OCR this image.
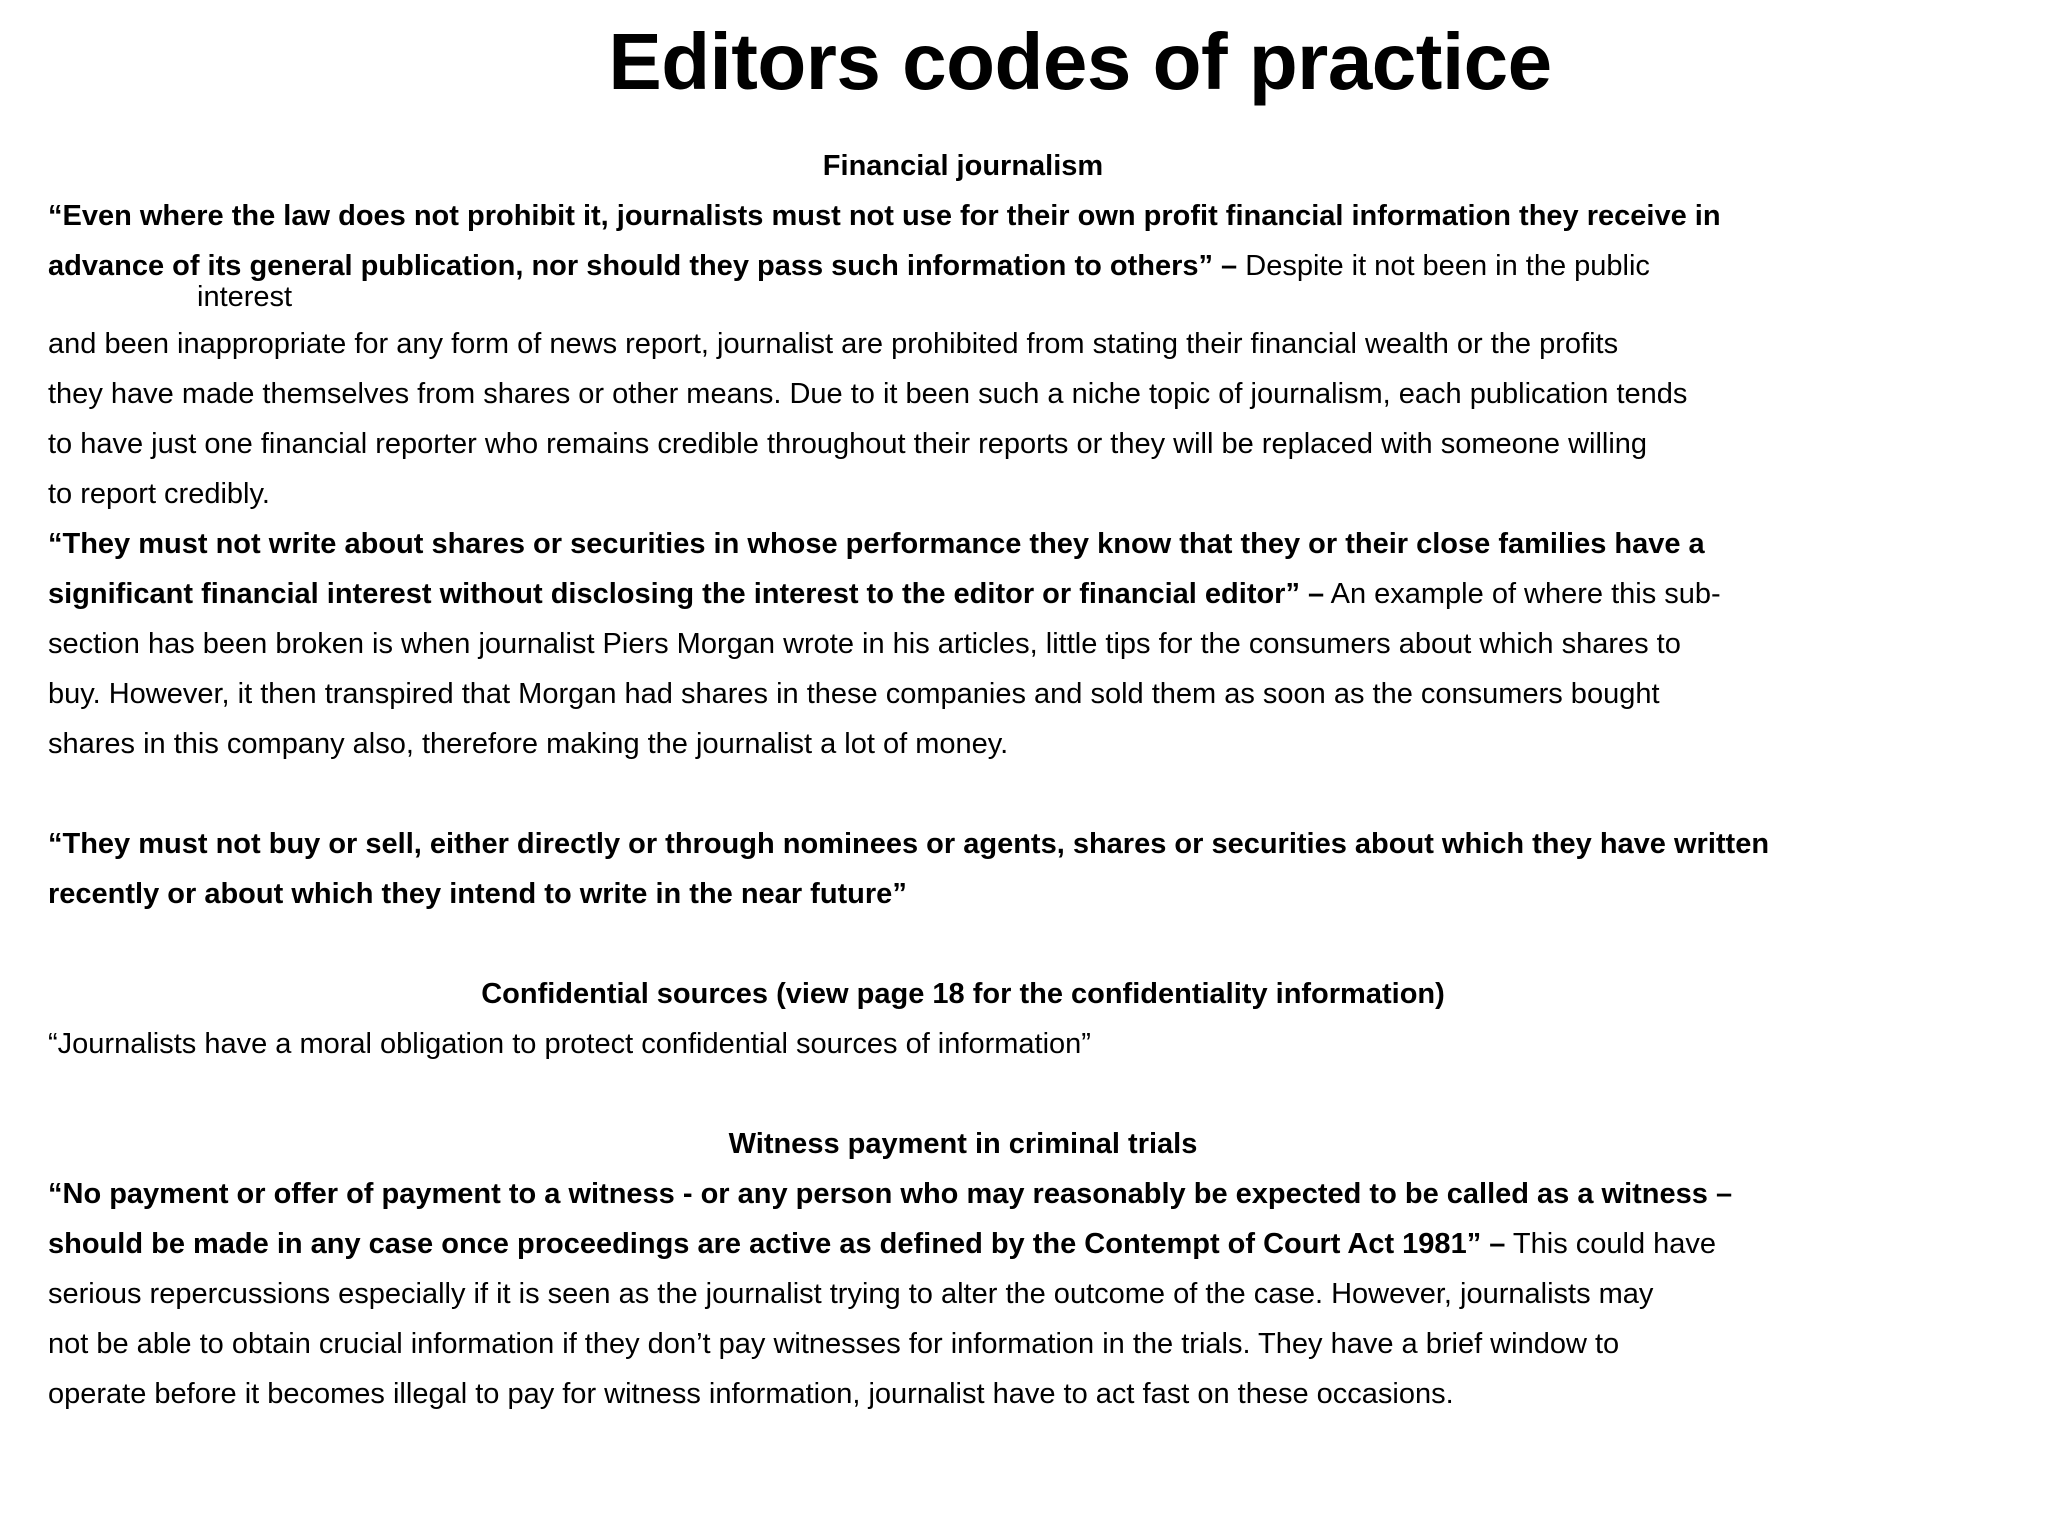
Editors codes of practice
Financial journalism
“Even where the law does not prohibit it, journalists must not use for their own profit financial information they receive in
advance of its general publication, nor should they pass such information to others” – Despite it not been in the public
interest
and been inappropriate for any form of news report, journalist are prohibited from stating their financial wealth or the profits
they have made themselves from shares or other means. Due to it been such a niche topic of journalism, each publication tends
to have just one financial reporter who remains credible throughout their reports or they will be replaced with someone willing
to report credibly.
“They must not write about shares or securities in whose performance they know that they or their close families have a
significant financial interest without disclosing the interest to the editor or financial editor” – An example of where this sub-
section has been broken is when journalist Piers Morgan wrote in his articles, little tips for the consumers about which shares to
buy. However, it then transpired that Morgan had shares in these companies and sold them as soon as the consumers bought
shares in this company also, therefore making the journalist a lot of money.
“They must not buy or sell, either directly or through nominees or agents, shares or securities about which they have written
recently or about which they intend to write in the near future”
Confidential sources (view page 18 for the confidentiality information)
“Journalists have a moral obligation to protect confidential sources of information”
Witness payment in criminal trials
“No payment or offer of payment to a witness - or any person who may reasonably be expected to be called as a witness –
should be made in any case once proceedings are active as defined by the Contempt of Court Act 1981” – This could have
serious repercussions especially if it is seen as the journalist trying to alter the outcome of the case. However, journalists may
not be able to obtain crucial information if they don’t pay witnesses for information in the trials. They have a brief window to
operate before it becomes illegal to pay for witness information, journalist have to act fast on these occasions.
